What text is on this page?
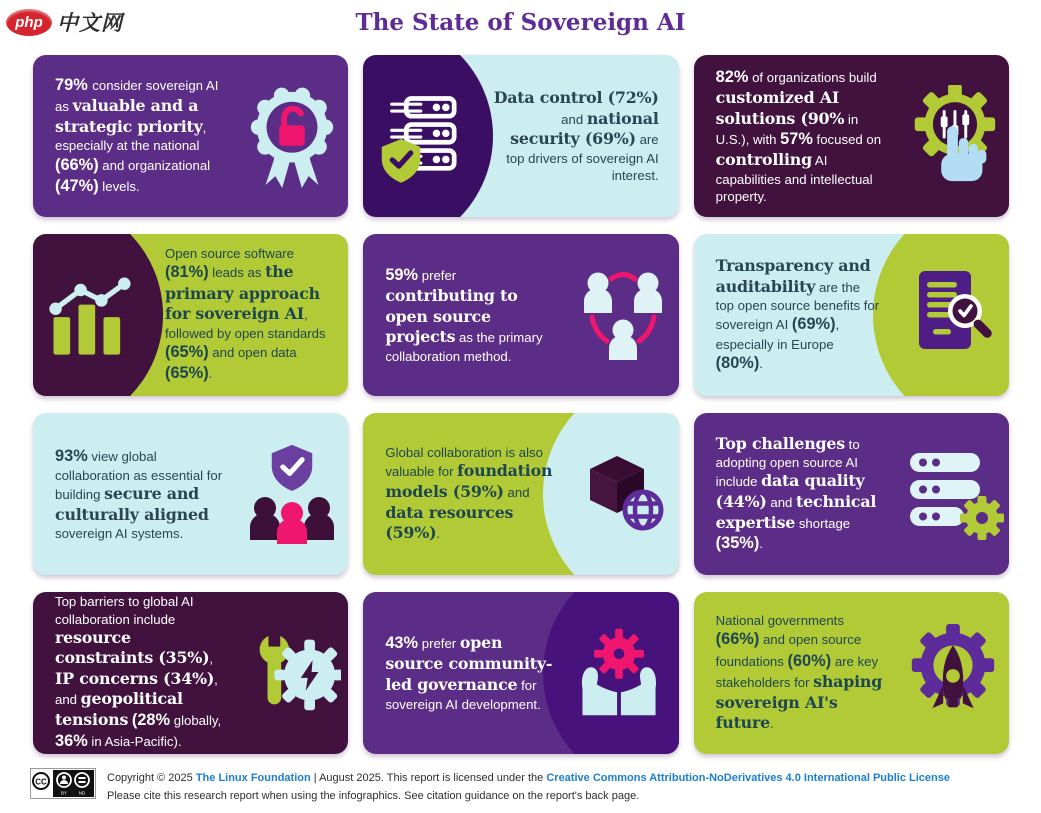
php 中文网	The State of Sovereign AI
79% consider sovereign AI as valuable and a strategic priority, especially at the national (66%) and organizational (47%) levels.
Data control (72%) and national security (69%) are top drivers of sovereign AI interest.
82% of organizations build customized AI solutions (90% in U.S.), with 57% focused on controlling AI capabilities and intellectual property.
Open source software (81%) leads as the primary approach for sovereign AI, followed by open standards (65%) and open data (65%).
59% prefer contributing to open source projects as the primary collaboration method.
Transparency and auditability are the top open source benefits for sovereign AI (69%), especially in Europe (80%).
93% view global collaboration as essential for building secure and culturally aligned sovereign AI systems.
Global collaboration is also valuable for foundation models (59%) and data resources (59%).
Top challenges to adopting open source AI include data quality (44%) and technical expertise shortage (35%).
Top barriers to global AI collaboration include resource constraints (35%), IP concerns (34%), and geopolitical tensions (28% globally, 36% in Asia-Pacific).
43% prefer open source community-led governance for sovereign AI development.
National governments (66%) and open source foundations (60%) are key stakeholders for shaping sovereign AI's future.
CC
BY	ND
Copyright © 2025 The Linux Foundation | August 2025. This report is licensed under the Creative Commons Attribution-NoDerivatives 4.0 International Public License
Please cite this research report when using the infographics. See citation guidance on the report's back page.
